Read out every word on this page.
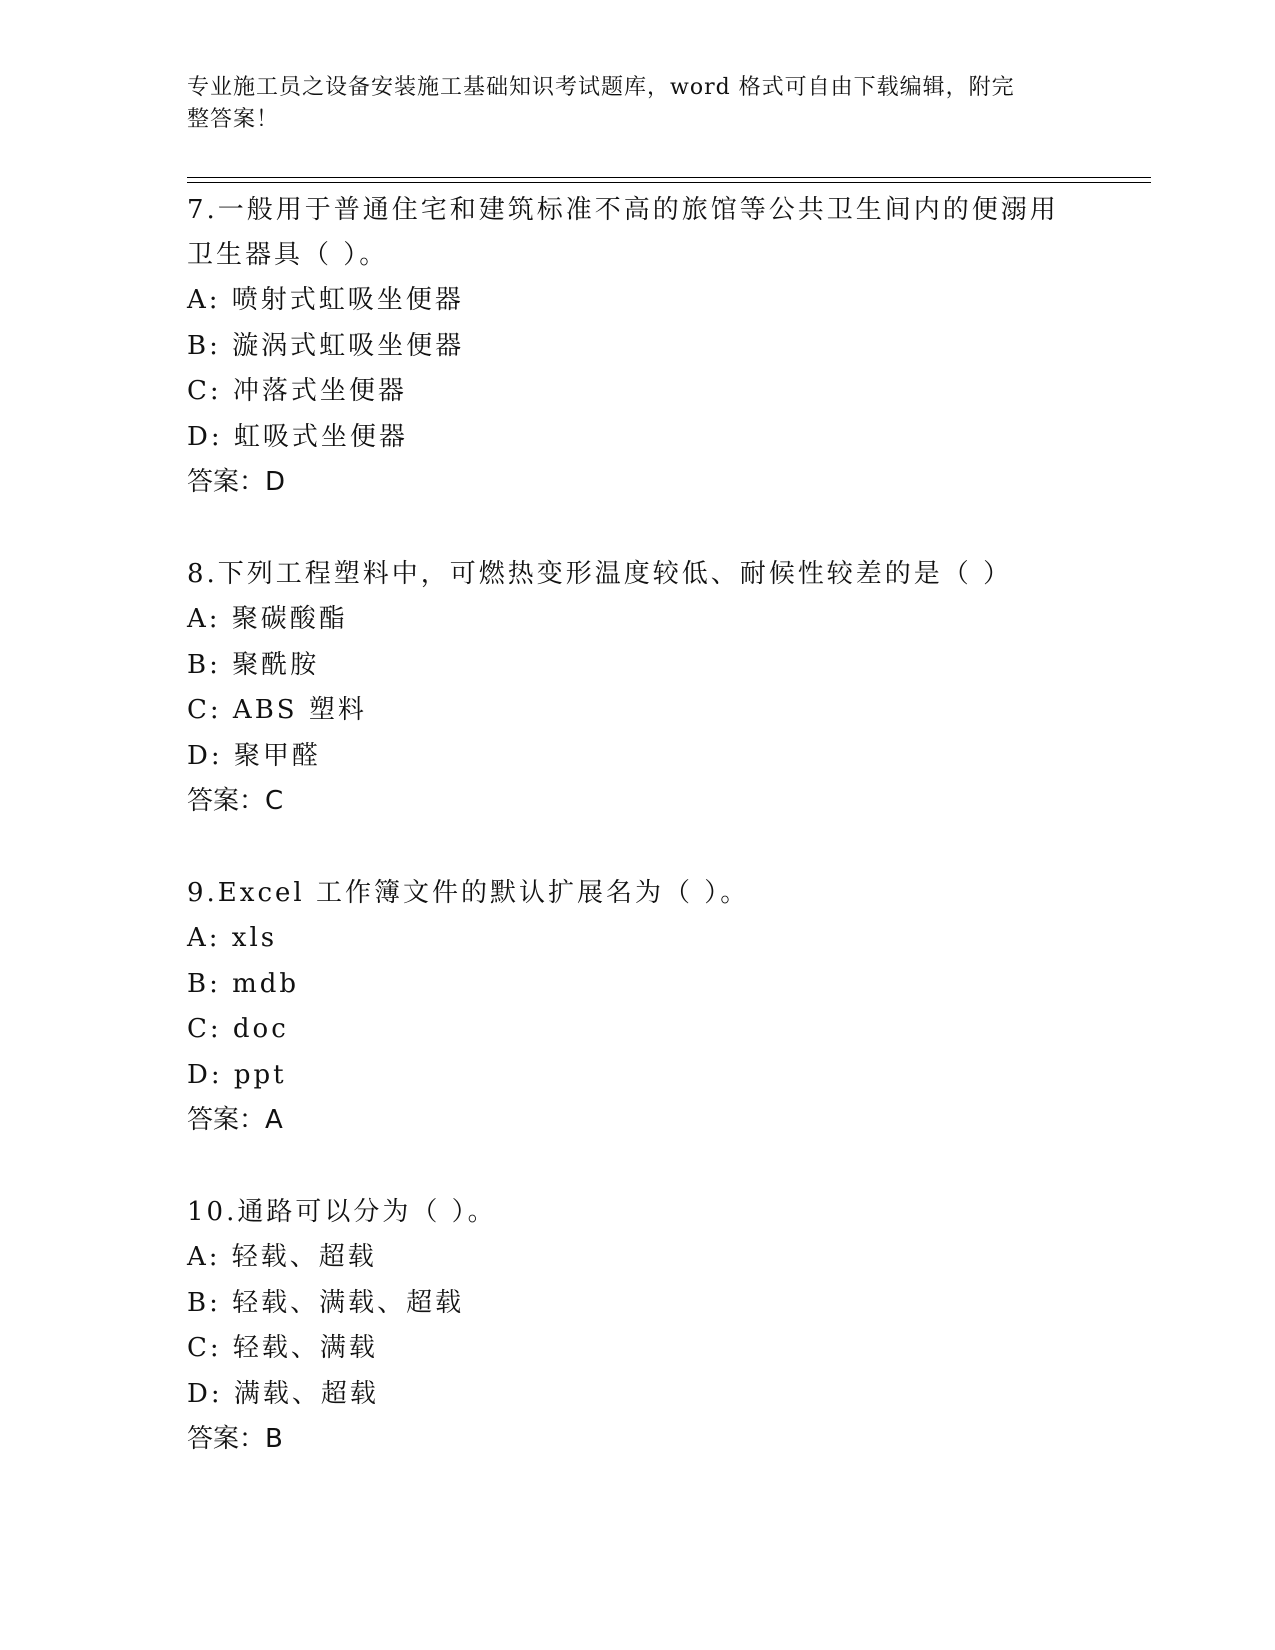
专业施工员之设备安装施工基础知识考试题库，word 格式可自由下载编辑，附完
整答案！

7.一般用于普通住宅和建筑标准不高的旅馆等公共卫生间内的便溺用

卫生器具（ ）。

A: 喷射式虹吸坐便器

B: 漩涡式虹吸坐便器

C: 冲落式坐便器

D: 虹吸式坐便器

答案：D

8.下列工程塑料中，可燃热变形温度较低、耐候性较差的是（ ）

A: 聚碳酸酯

B: 聚酰胺

C: ABS 塑料

D: 聚甲醛

答案：C

9.Excel 工作簿文件的默认扩展名为（ ）。

A: xls

B: mdb

C: doc

D: ppt

答案：A

10.通路可以分为（ ）。

A: 轻载、超载

B: 轻载、满载、超载

C: 轻载、满载

D: 满载、超载

答案：B
